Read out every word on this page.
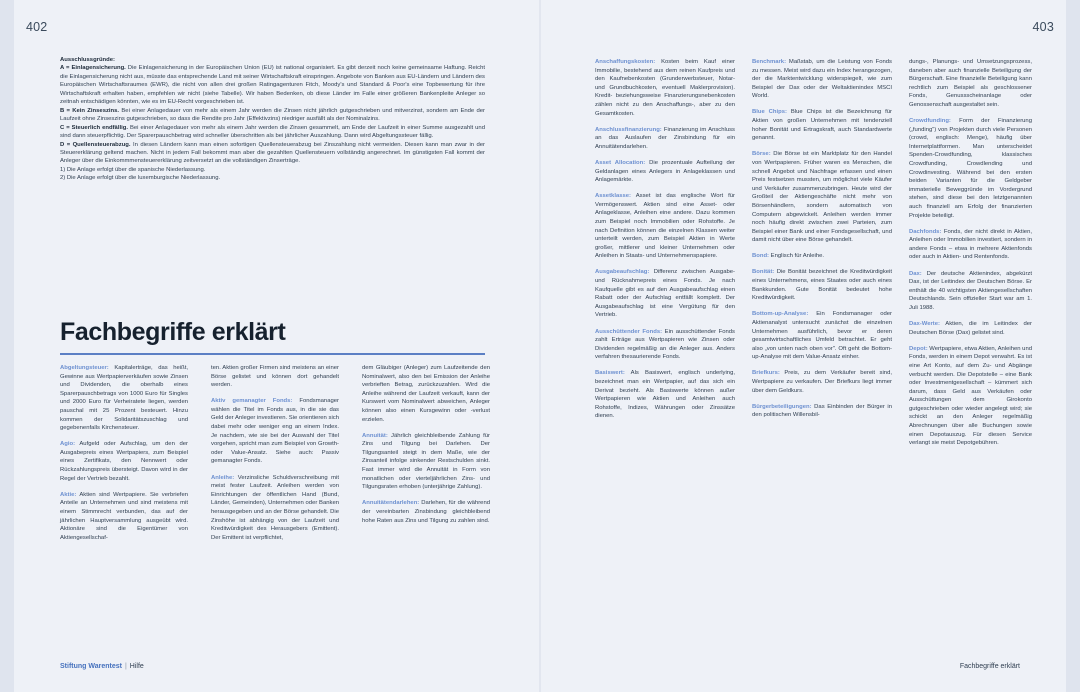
402

Ausschlussgründe:

A = Einlagensicherung. Die Einlagensicherung in der Europäischen Union (EU) ist national organisiert. Es gibt derzeit noch keine gemeinsame Haftung. Reicht die Einlagensicherung nicht aus, müsste das entsprechende Land mit seiner Wirtschaftskraft einspringen. Angebote von Banken aus EU-Ländern und Ländern des Europäischen Wirtschaftsraumes (EWR), die nicht von allen drei großen Ratingagenturen Fitch, Moody's und Standard & Poor's eine Topbewertung für ihre Wirtschaftskraft erhalten haben, empfehlen wir nicht (siehe Tabelle). Wir haben Bedenken, ob diese Länder im Falle einer größeren Bankenpleite Anleger so zeitnah entschädigen könnten, wie es im EU-Recht vorgeschrieben ist.

B = Kein Zinseszins. Bei einer Anlagedauer von mehr als einem Jahr werden die Zinsen nicht jährlich gutgeschrieben und mitverzinst, sondern am Ende der Laufzeit ohne Zinseszins gutgeschrieben, so dass die Rendite pro Jahr (Effektivzins) niedriger ausfällt als der Nominalzins.

C = Steuerlich endfällig. Bei einer Anlagedauer von mehr als einem Jahr werden die Zinsen gesammelt, am Ende der Laufzeit in einer Summe ausgezahlt und sind dann steuerpflichtig. Der Sparerpauschbetrag wird schneller überschritten als bei jährlicher Auszahlung. Dann wird Abgeltungssteuer fällig.

D = Quellensteuerabzug. In diesen Ländern kann man einen sofortigen Quellensteuerabzug bei Zinszahlung nicht vermeiden. Diesen kann man zwar in der Steuererklärung geltend machen. Nicht in jedem Fall bekommt man aber die gezahlten Quellensteuern vollständig angerechnet. Im günstigsten Fall kommt der Anleger über die Einkommmensteuererklärung zeitversetzt an die vollständigen Zinserträge.

1) Die Anlage erfolgt über die spanische Niederlassung.

2) Die Anlage erfolgt über die luxemburgische Niederlassung.

Fachbegriffe erklärt

Abgeltungsteuer: Kapitalerträge, das heißt, Gewinne aus Wertpapierverkäufen sowie Zinsen und Dividenden, die oberhalb eines Sparerpauschbetrags von 1000 Euro für Singles und 2000 Euro für Verheiratete liegen, werden pauschal mit 25 Prozent besteuert. Hinzu kommen der Solidaritätszuschlag und gegebenenfalls Kirchensteuer.

Agio: Aufgeld oder Aufschlag, um den der Ausgabepreis eines Wertpapiers, zum Beispiel eines Zertifikats, den Nennwert oder Rückzahlungspreis übersteigt. Davon wird in der Regel der Vertrieb bezahlt.

Aktie: Aktien sind Wertpapiere. Sie verbriefen Anteile an Unternehmen und sind meistens mit einem Stimmrecht verbunden, das auf der jährlichen Hauptversammlung ausgeübt wird. Aktionäre sind die Eigentümer von Aktiengesellschaf-

ten. Aktien großer Firmen sind meistens an einer Börse gelistet und können dort gehandelt werden.

Aktiv gemanagter Fonds: Fondsmanager wählen die Titel im Fonds aus, in die sie das Geld der Anleger investieren. Sie orientieren sich dabei mehr oder weniger eng an einem Index. Je nachdem, wie sie bei der Auswahl der Titel vorgehen, spricht man zum Beispiel von Growth- oder Value-Ansatz. Siehe auch: Passiv gemanagter Fonds.

Anleihe: Verzinsliche Schuldverschreibung mit meist fester Laufzeit. Anleihen werden von Einrichtungen der öffentlichen Hand (Bund, Länder, Gemeinden), Unternehmen oder Banken herausgegeben und an der Börse gehandelt. Die Zinshöhe ist abhängig von der Laufzeit und Kreditwürdigkeit des Herausgebers (Emittent). Der Emittent ist verpflichtet,

dem Gläubiger (Anleger) zum Laufzeitende den Nominalwert, also den bei Emission der Anleihe verbrieften Betrag, zurückzuzahlen. Wird die Anleihe während der Laufzeit verkauft, kann der Kurswert vom Nominalwert abweichen, Anleger können also einen Kursgewinn oder -verlust erzielen.

Annuität: Jährlich gleichbleibende Zahlung für Zins und Tilgung bei Darlehen. Der Tilgungsanteil steigt in dem Maße, wie der Zinsanteil infolge sinkender Restschulden sinkt. Fast immer wird die Annuität in Form von monatlichen oder vierteljährlichen Zins- und Tilgungsraten erhoben (unterjährige Zahlung).

Annuitätendarlehen: Darlehen, für die während der vereinbarten Zinsbindung gleichbleibend hohe Raten aus Zins und Tilgung zu zahlen sind.

Stiftung Warentest | Hilfe
403

Anschaffungskosten: Kosten beim Kauf einer Immobilie, bestehend aus dem reinen Kaufpreis und den Kaufnebenkosten (Grunderwerbsteuer, Notar- und Grundbuchkosten, eventuell Maklerprovision). Kredit- beziehungsweise Finanzierungsnebenkosten zählen nicht zu den Anschaffungs-, aber zu den Gesamtkosten.

Anschlussfinanzierung: Finanzierung im Anschluss an das Auslaufen der Zinsbindung für ein Annuitätendarlehen.

Asset Allocation: Die prozentuale Aufteilung der Geldanlagen eines Anlegers in Anlageklassen und Anlagemärkte.

Assetklasse: Asset ist das englische Wort für Vermögenswert. Aktien sind eine Asset- oder Anlageklasse, Anleihen eine andere. Dazu kommen zum Beispiel noch Immobilien oder Rohstoffe. Je nach Definition können die einzelnen Klassen weiter unterteilt werden, zum Beispiel Aktien in Werte großer, mittlerer und kleiner Unternehmen oder Anleihen in Staats- und Unternehmenspapiere.

Ausgabeaufschlag: Differenz zwischen Ausgabe- und Rücknahmepreis eines Fonds. Je nach Kaufquelle gibt es auf den Ausgabeaufschlag einen Rabatt oder der Aufschlag entfällt komplett. Der Ausgabeaufschlag ist eine Vergütung für den Vertrieb.

Ausschüttender Fonds: Ein ausschüttender Fonds zahlt Erträge aus Wertpapieren wie Zinsen oder Dividenden regelmäßig an die Anleger aus. Anders verfahren thesaurierende Fonds.

Basiswert: Als Basiswert, englisch underlying, bezeichnet man ein Wertpapier, auf das sich ein Derivat bezieht. Als Basiswerte können außer Wertpapieren wie Aktien und Anleihen auch Rohstoffe, Indizes, Währungen oder Zinssätze dienen.

Benchmark: Maßstab, um die Leistung von Fonds zu messen. Meist wird dazu ein Index herangezogen, der die Marktentwicklung widerspiegelt, wie zum Beispiel der Dax oder der Weltaktienindex MSCI World.

Blue Chips: Blue Chips ist die Bezeichnung für Aktien von großen Unternehmen mit tendenziell hoher Bonität und Ertragskraft, auch Standardwerte genannt.

Börse: Die Börse ist ein Marktplatz für den Handel von Wertpapieren. Früher waren es Menschen, die schnell Angebot und Nachfrage erfassen und einen Preis festsetzen mussten, um möglichst viele Käufer und Verkäufer zusammenzubringen. Heute wird der Großteil der Aktiengeschäfte nicht mehr von Börsenhändlern, sondern automatisch von Computern abgewickelt. Anleihen werden immer noch häufig direkt zwischen zwei Parteien, zum Beispiel einer Bank und einer Fondsgesellschaft, und damit nicht über eine Börse gehandelt.

Bond: Englisch für Anleihe.

Bonität: Die Bonität bezeichnet die Kreditwürdigkeit eines Unternehmens, eines Staates oder auch eines Bankkunden. Gute Bonität bedeutet hohe Kreditwürdigkeit.

Bottom-up-Analyse: Ein Fondsmanager oder Aktienanalyst untersucht zunächst die einzelnen Unternehmen ausführlich, bevor er deren gesamtwirtschaftliches Umfeld betrachtet. Er geht also „von unten nach oben vor". Oft geht die Bottom-up-Analyse mit dem Value-Ansatz einher.

Briefkurs: Preis, zu dem Verkäufer bereit sind, Wertpapiere zu verkaufen. Der Briefkurs liegt immer über dem Geldkurs.

Bürgerbeteiligungen: Das Einbinden der Bürger in den politischen Willensbil-

dungs-, Planungs- und Umsetzungsprozess, daneben aber auch finanzielle Beteiligung der Bürgerschaft. Eine finanzielle Beteiligung kann rechtlich zum Beispiel als geschlossener Fonds, Genussscheinanlage oder Genossenschaft ausgestaltet sein.

Crowdfunding: Form der Finanzierung („funding“) von Projekten durch viele Personen (crowd, englisch: Menge), häufig über Internetplattformen. Man unterscheidet Spenden-Crowdfunding, klassisches Crowdfunding, Crowdlending und Crowdinvesting. Während bei den ersten beiden Varianten für die Geldgeber immaterielle Beweggründe im Vordergrund stehen, sind diese bei den letztgenannten auch finanziell am Erfolg der finanzierten Projekte beteiligt.

Dachfonds: Fonds, der nicht direkt in Aktien, Anleihen oder Immobilien investiert, sondern in andere Fonds – etwa in mehrere Aktienfonds oder auch in Aktien- und Rentenfonds.

Dax: Der deutsche Aktienindex, abgekürzt Dax, ist der Leitindex der Deutschen Börse. Er enthält die 40 wichtigsten Aktiengesellschaften Deutschlands. Sein offizieller Start war am 1. Juli 1988.

Dax-Werte: Aktien, die im Leitindex der Deutschen Börse (Dax) gelistet sind.

Depot: Wertpapiere, etwa Aktien, Anleihen und Fonds, werden in einem Depot verwahrt. Es ist eine Art Konto, auf dem Zu- und Abgänge verbucht werden. Die Depotstelle – eine Bank oder Investmentgesellschaft – kümmert sich darum, dass Geld aus Verkäufen oder Ausschüttungen dem Girokonto gutgeschrieben oder wieder angelegt wird; sie schickt an den Anleger regelmäßig Abrechnungen über alle Buchungen sowie einen Depotauszug. Für diesen Service verlangt sie meist Depotgebühren.

Fachbegriffe erklärt
